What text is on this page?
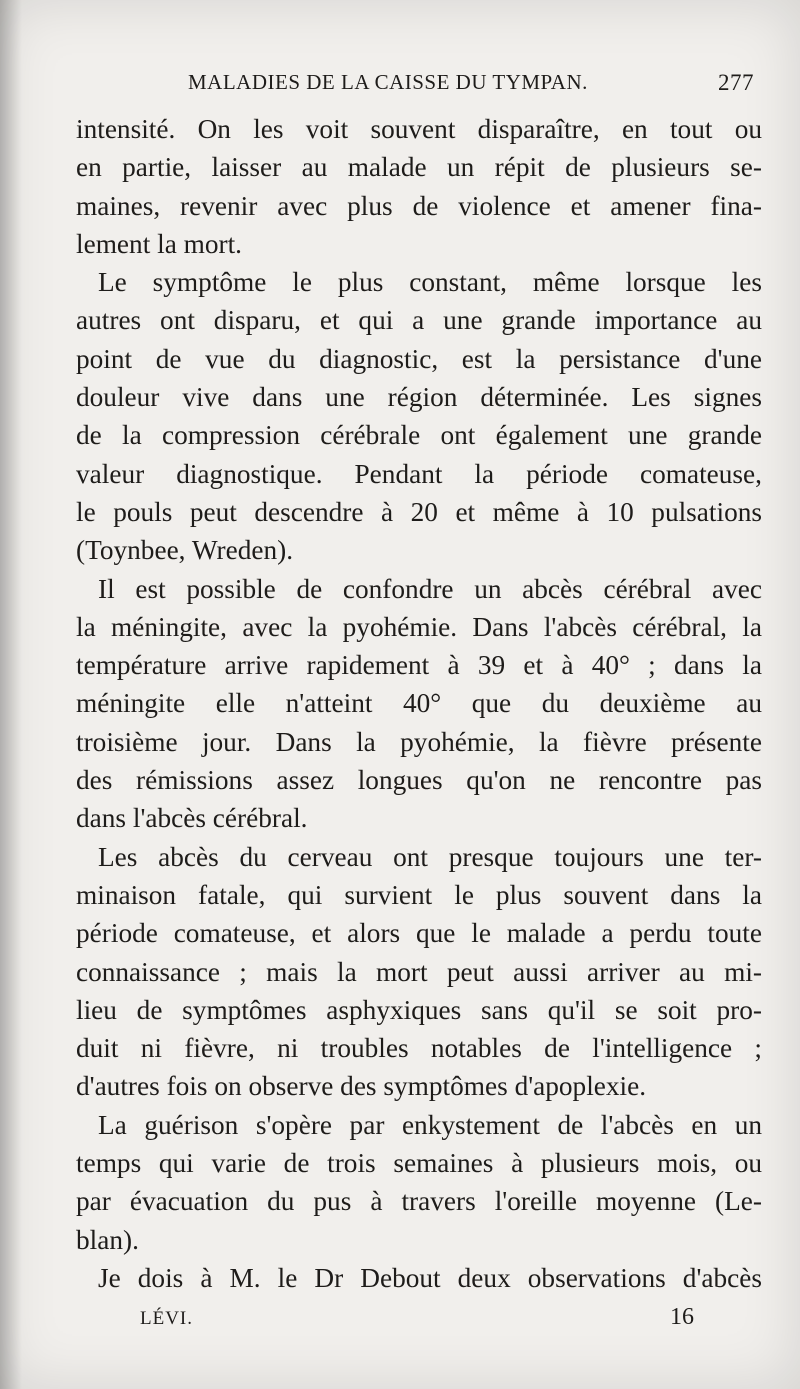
MALADIES DE LA CAISSE DU TYMPAN.	277
intensité. On les voit souvent disparaître, en tout ou
en partie, laisser au malade un répit de plusieurs se-
maines, revenir avec plus de violence et amener fina-
lement la mort.
Le symptôme le plus constant, même lorsque les
autres ont disparu, et qui a une grande importance au
point de vue du diagnostic, est la persistance d'une
douleur vive dans une région déterminée. Les signes
de la compression cérébrale ont également une grande
valeur diagnostique. Pendant la période comateuse,
le pouls peut descendre à 20 et même à 10 pulsations
(Toynbee, Wreden).
Il est possible de confondre un abcès cérébral avec
la méningite, avec la pyohémie. Dans l'abcès cérébral, la
température arrive rapidement à 39 et à 40° ; dans la
méningite elle n'atteint 40° que du deuxième au
troisième jour. Dans la pyohémie, la fièvre présente
des rémissions assez longues qu'on ne rencontre pas
dans l'abcès cérébral.
Les abcès du cerveau ont presque toujours une ter-
minaison fatale, qui survient le plus souvent dans la
période comateuse, et alors que le malade a perdu toute
connaissance ; mais la mort peut aussi arriver au mi-
lieu de symptômes asphyxiques sans qu'il se soit pro-
duit ni fièvre, ni troubles notables de l'intelligence ;
d'autres fois on observe des symptômes d'apoplexie.
La guérison s'opère par enkystement de l'abcès en un
temps qui varie de trois semaines à plusieurs mois, ou
par évacuation du pus à travers l'oreille moyenne (Le-
blan).
Je dois à M. le Dr Debout deux observations d'abcès
LÉVI.	16
